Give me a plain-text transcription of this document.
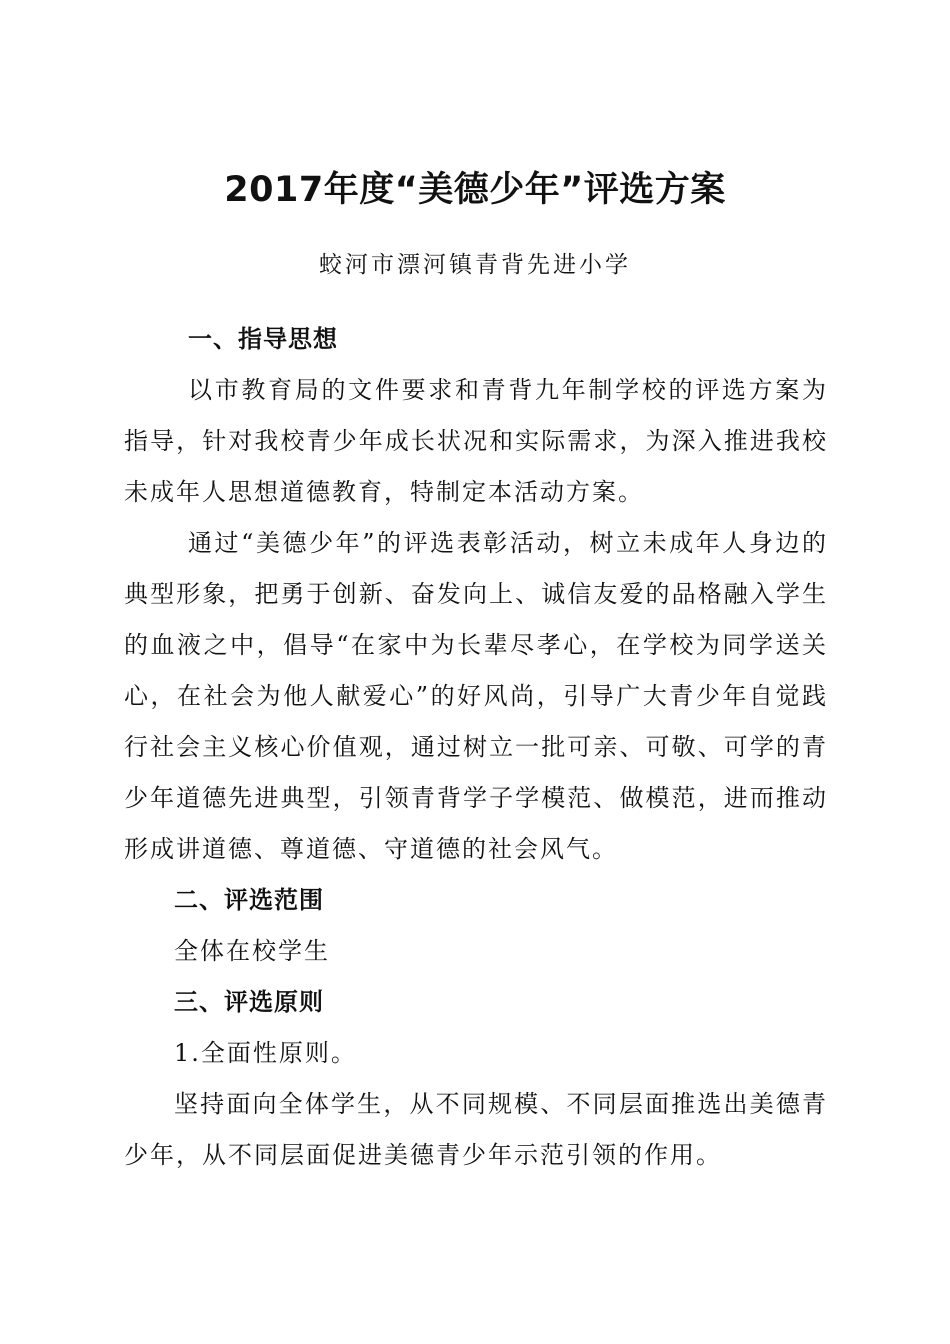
2017年度“美德少年”评选方案
蛟河市漂河镇青背先进小学

一、指导思想

以市教育局的文件要求和青背九年制学校的评选方案为指导，针对我校青少年成长状况和实际需求，为深入推进我校未成年人思想道德教育，特制定本活动方案。

通过“美德少年”的评选表彰活动，树立未成年人身边的典型形象，把勇于创新、奋发向上、诚信友爱的品格融入学生的血液之中，倡导“在家中为长辈尽孝心，在学校为同学送关心，在社会为他人献爱心”的好风尚，引导广大青少年自觉践行社会主义核心价值观，通过树立一批可亲、可敬、可学的青少年道德先进典型，引领青背学子学模范、做模范，进而推动形成讲道德、尊道德、守道德的社会风气。

二、评选范围

全体在校学生

三、评选原则

1.全面性原则。

坚持面向全体学生，从不同规模、不同层面推选出美德青少年，从不同层面促进美德青少年示范引领的作用。
